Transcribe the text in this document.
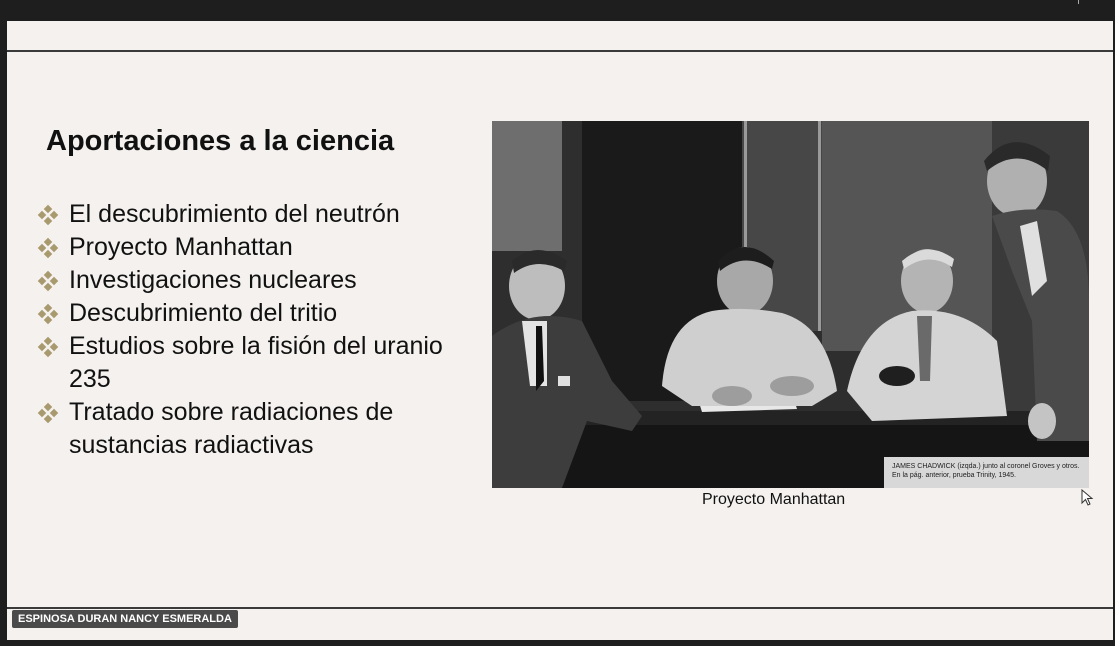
Aportaciones a la ciencia
El descubrimiento del neutrón
Proyecto Manhattan
Investigaciones nucleares
Descubrimiento del tritio
Estudios sobre la fisión del uranio 235
Tratado sobre radiaciones de sustancias radiactivas
JAMES CHADWICK (izqda.) junto al coronel Groves y otros. En la pág. anterior, prueba Trinity, 1945.
Proyecto Manhattan
ESPINOSA DURAN NANCY ESMERALDA
